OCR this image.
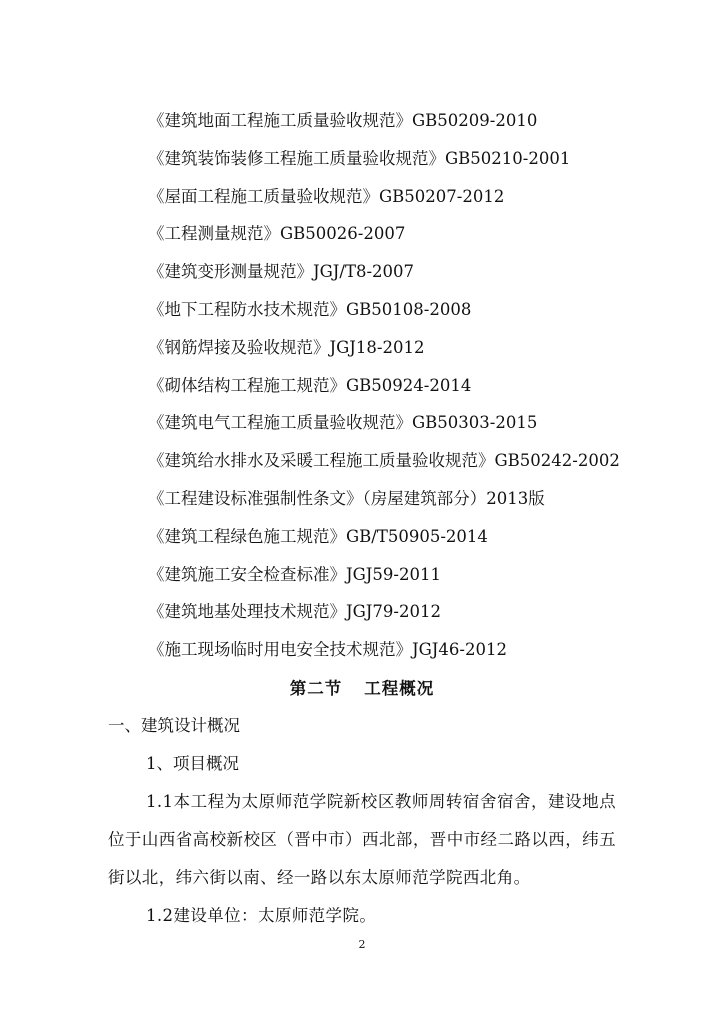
《建筑地面工程施工质量验收规范》GB50209-2010
《建筑装饰装修工程施工质量验收规范》GB50210-2001
《屋面工程施工质量验收规范》GB50207-2012
《工程测量规范》GB50026-2007
《建筑变形测量规范》JGJ/T8-2007
《地下工程防水技术规范》GB50108-2008
《钢筋焊接及验收规范》JGJ18-2012
《砌体结构工程施工规范》GB50924-2014
《建筑电气工程施工质量验收规范》GB50303-2015
《建筑给水排水及采暖工程施工质量验收规范》GB50242-2002
《工程建设标准强制性条文》（房屋建筑部分）2013版
《建筑工程绿色施工规范》GB/T50905-2014
《建筑施工安全检查标准》JGJ59-2011
《建筑地基处理技术规范》JGJ79-2012
《施工现场临时用电安全技术规范》JGJ46-2012
第二节 工程概况
一、建筑设计概况
1、项目概况
1.1本工程为太原师范学院新校区教师周转宿舍宿舍，建设地点位于山西省高校新校区（晋中市）西北部，晋中市经二路以西，纬五街以北，纬六街以南、经一路以东太原师范学院西北角。
1.2建设单位：太原师范学院。
2
